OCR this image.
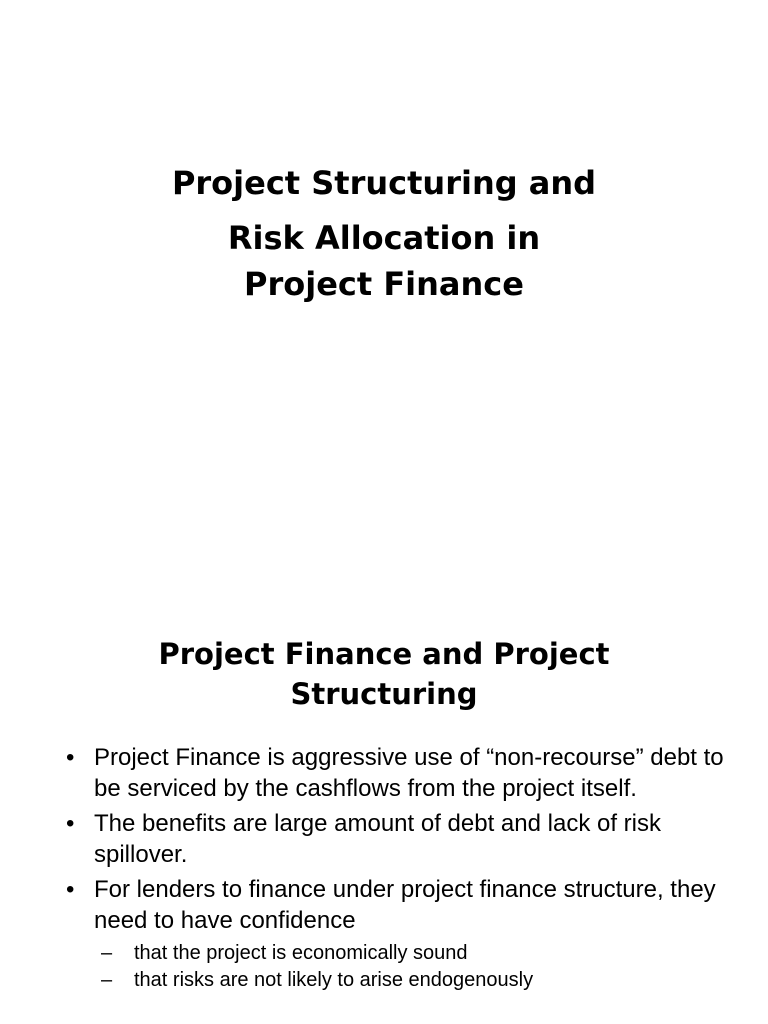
Project Structuring and
Risk Allocation in
Project Finance
Project Finance and Project
Structuring
• Project Finance is aggressive use of “non-recourse” debt to be serviced by the cashflows from the project itself.
• The benefits are large amount of debt and lack of risk spillover.
• For lenders to finance under project finance structure, they need to have confidence
– that the project is economically sound
– that risks are not likely to arise endogenously
